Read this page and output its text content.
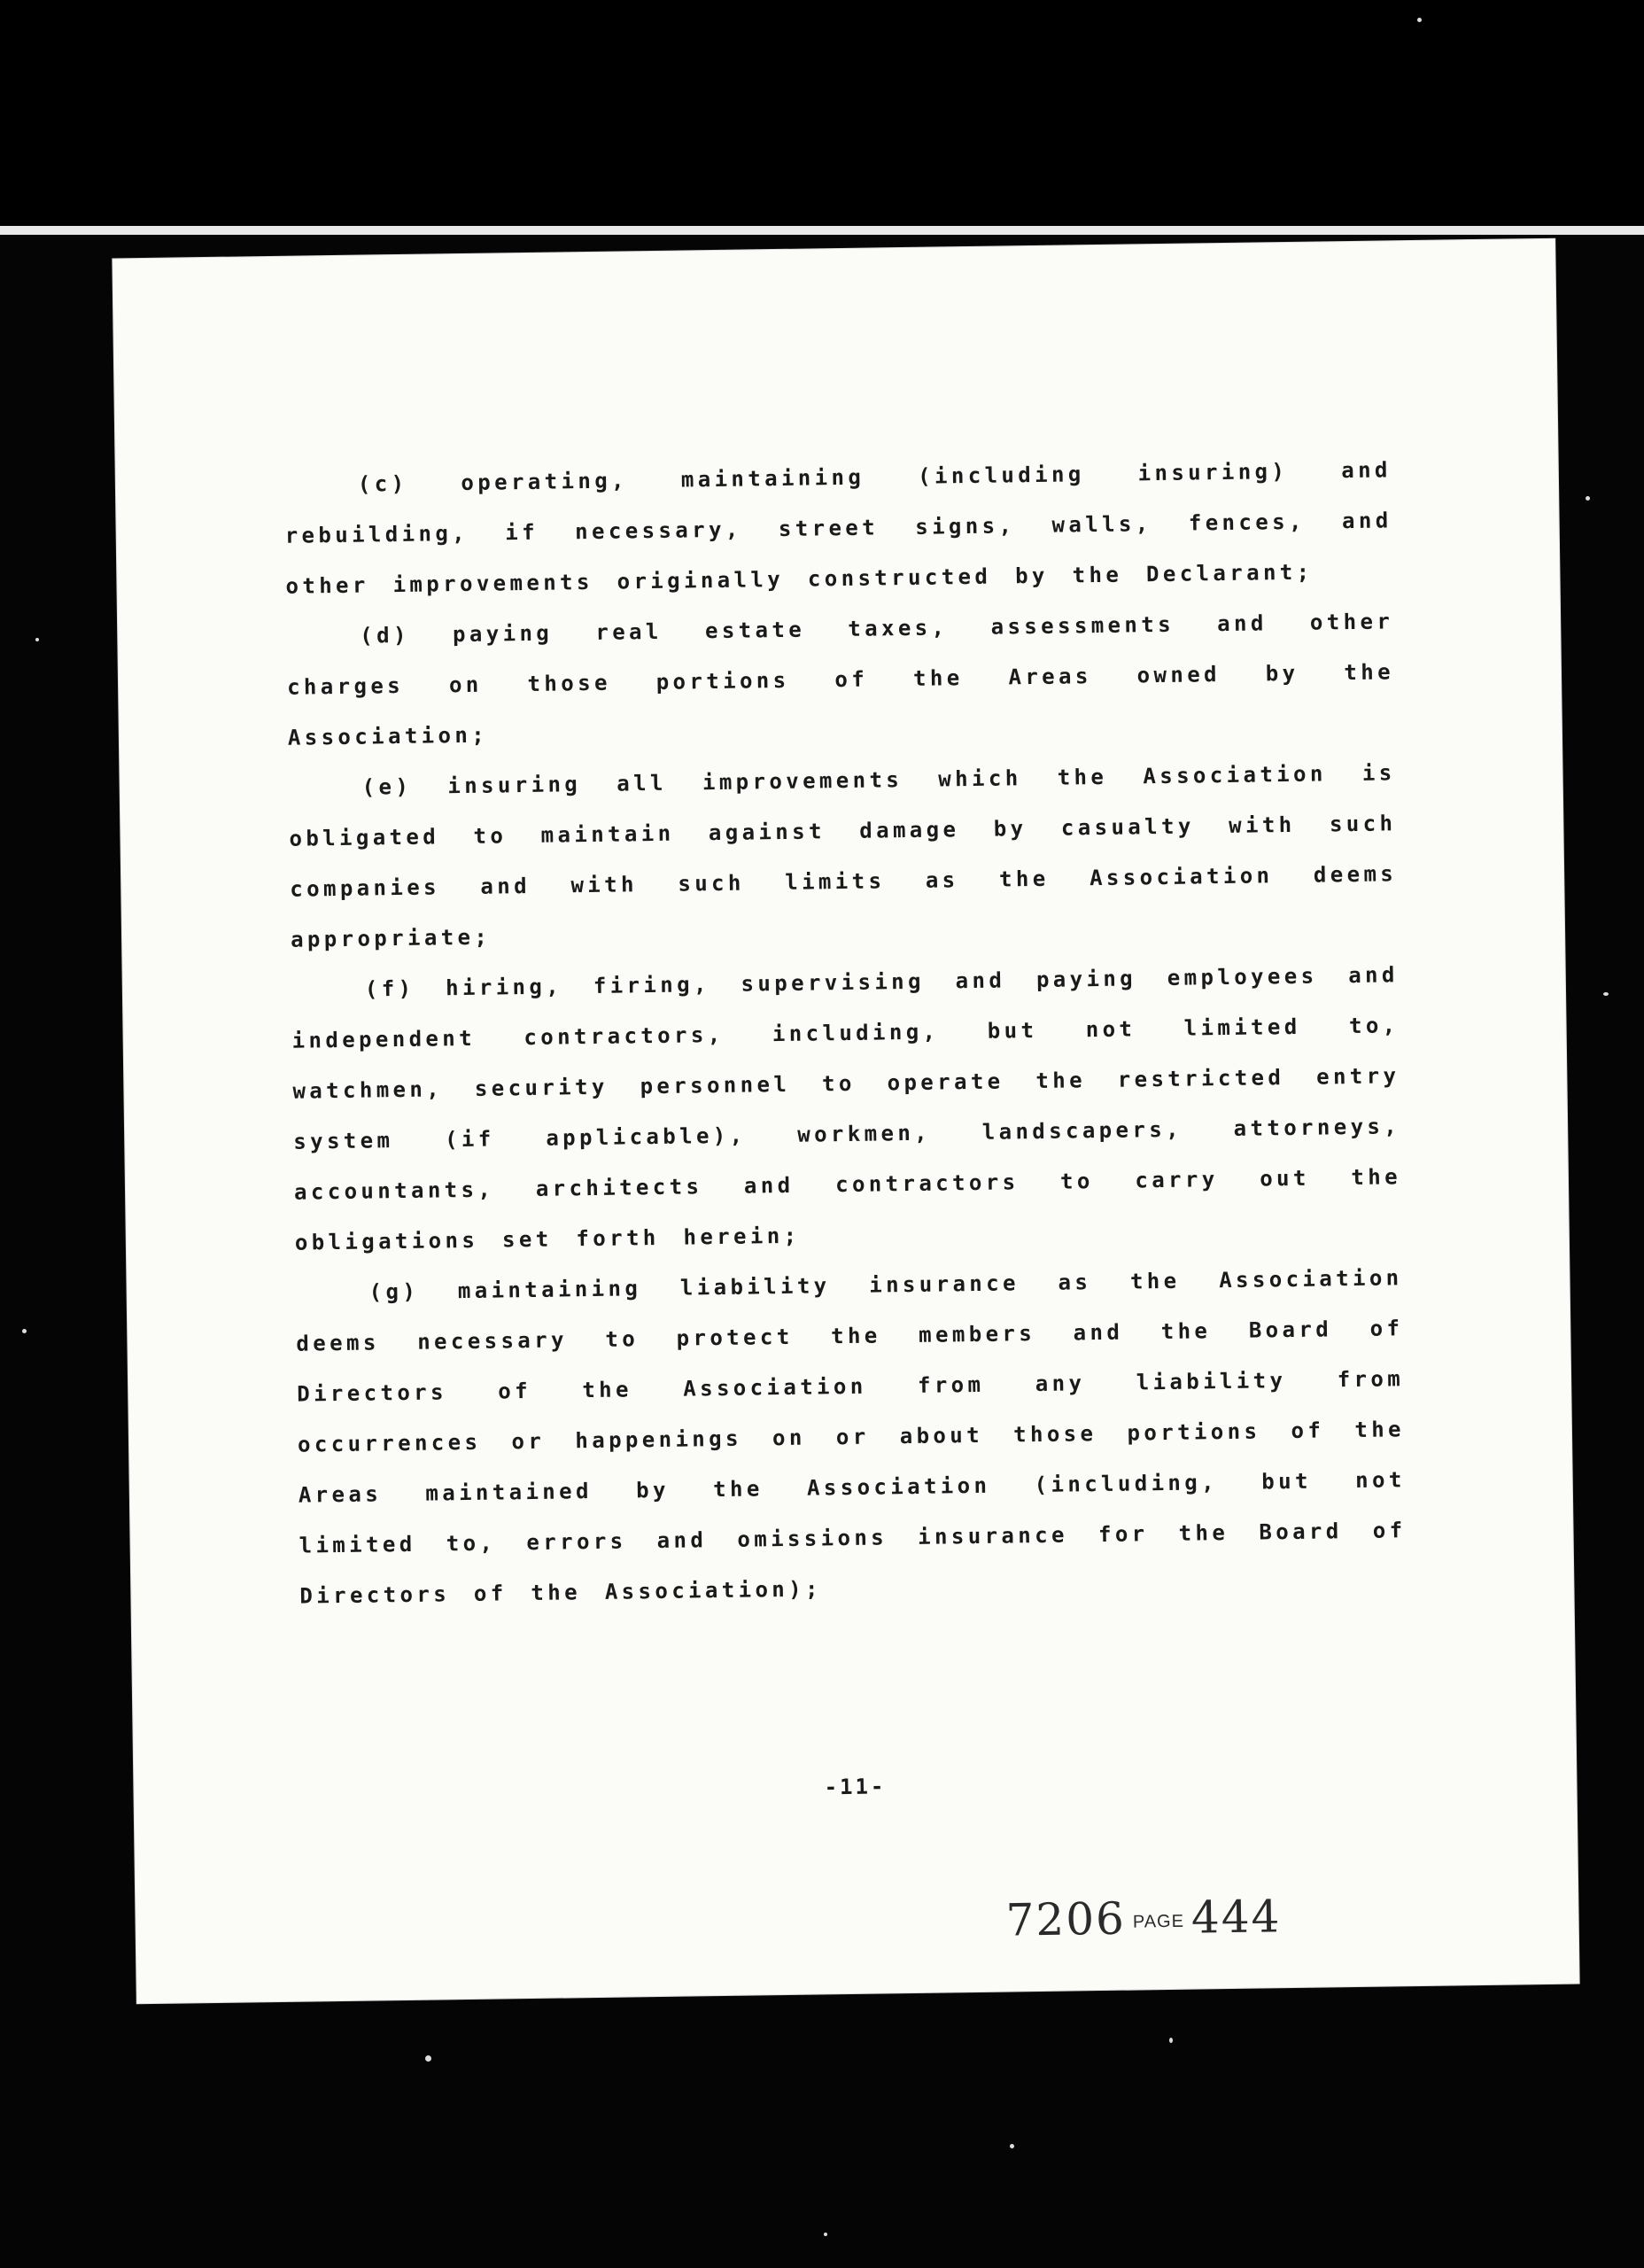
(c) operating, maintaining (including insuring) and rebuilding, if necessary, street signs, walls, fences, and other improvements originally constructed by the Declarant;

(d) paying real estate taxes, assessments and other charges on those portions of the Areas owned by the Association;

(e) insuring all improvements which the Association is obligated to maintain against damage by casualty with such companies and with such limits as the Association deems appropriate;

(f) hiring, firing, supervising and paying employees and independent contractors, including, but not limited to, watchmen, security personnel to operate the restricted entry system (if applicable), workmen, landscapers, attorneys, accountants, architects and contractors to carry out the obligations set forth herein;

(g) maintaining liability insurance as the Association deems necessary to protect the members and the Board of Directors of the Association from any liability from occurrences or happenings on or about those portions of the Areas maintained by the Association (including, but not limited to, errors and omissions insurance for the Board of Directors of the Association);

-11-
7206 PAGE 444
